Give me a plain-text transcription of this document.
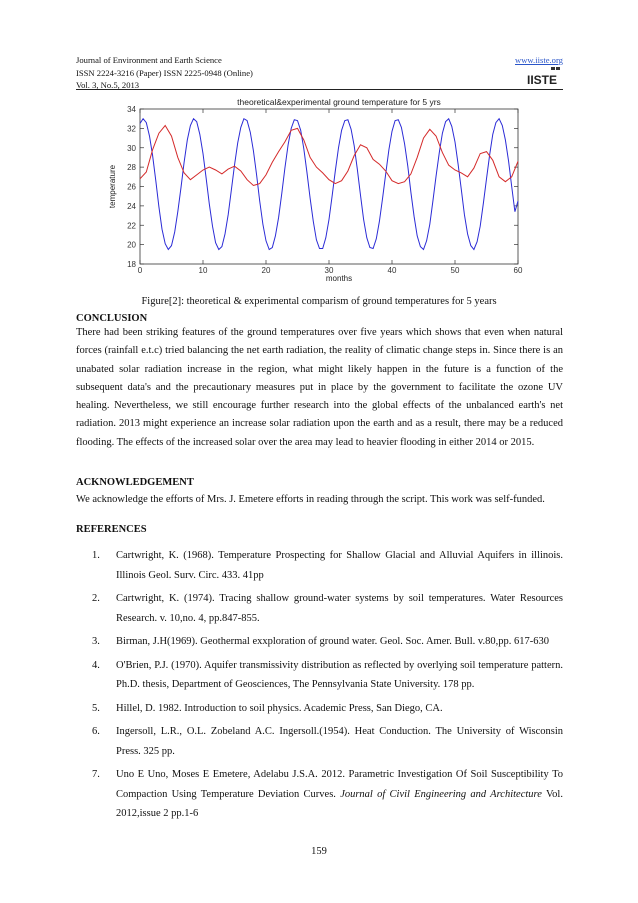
Journal of Environment and Earth Science
ISSN 2224-3216 (Paper) ISSN 2225-0948 (Online)
Vol. 3, No.5, 2013
www.iiste.org
IISTE
18
20
22
24
26
28
30
32
34
0	10	20	30	40	50	60
theoretical&experimental ground temperature for 5 yrs
months
temperature
Figure[2]: theoretical & experimental comparism of ground temperatures for 5 years
CONCLUSION
There had been striking features of the ground temperatures over five years which shows that even when natural forces (rainfall e.t.c) tried balancing the net earth radiation, the reality of climatic change steps in. Since there is an unabated solar radiation increase in the region, what might likely happen in the future is a function of the subsequent data's and the precautionary measures put in place by the government to facilitate the ozone UV healing. Nevertheless, we still encourage further research into the global effects of the unbalanced earth's net radiation. 2013 might experience an increase solar radiation upon the earth and as a result, there may be a reduced flooding. The effects of the increased solar over the area may lead to heavier flooding in either 2014 or 2015.
ACKNOWLEDGEMENT
We acknowledge the efforts of Mrs. J. Emetere efforts in reading through the script. This work was self-funded.
REFERENCES
1. Cartwright, K. (1968). Temperature Prospecting for Shallow Glacial and Alluvial Aquifers in illinois. Illinois Geol. Surv. Circ. 433. 41pp
2. Cartwright, K. (1974). Tracing shallow ground-water systems by soil temperatures. Water Resources Research. v. 10,no. 4, pp.847-855.
3. Birman, J.H(1969). Geothermal exxploration of ground water. Geol. Soc. Amer. Bull. v.80,pp. 617-630
4. O'Brien, P.J. (1970). Aquifer transmissivity distribution as reflected by overlying soil temperature pattern. Ph.D. thesis, Department of Geosciences, The Pennsylvania State University. 178 pp.
5. Hillel, D. 1982. Introduction to soil physics. Academic Press, San Diego, CA.
6. Ingersoll, L.R., O.L. Zobeland A.C. Ingersoll.(1954). Heat Conduction. The University of Wisconsin Press. 325 pp.
7. Uno E Uno, Moses E Emetere, Adelabu J.S.A. 2012. Parametric Investigation Of Soil Susceptibility To Compaction Using Temperature Deviation Curves. Journal of Civil Engineering and Architecture Vol. 2012,issue 2 pp.1-6
159
